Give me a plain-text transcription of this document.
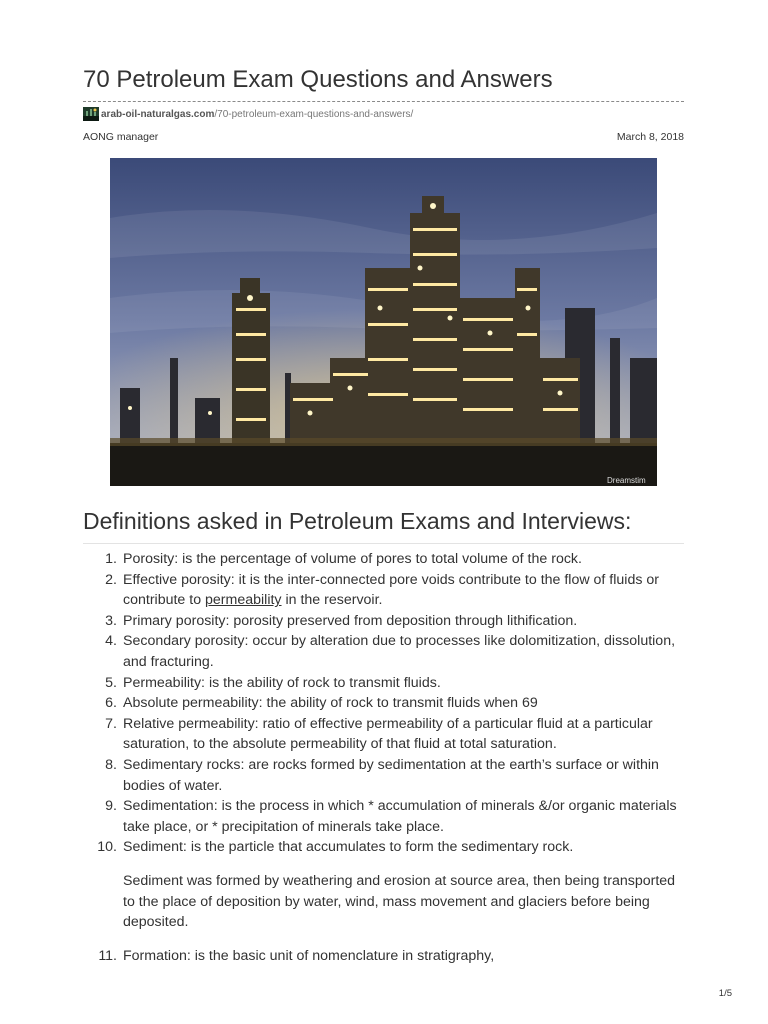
70 Petroleum Exam Questions and Answers
arab-oil-naturalgas.com /70-petroleum-exam-questions-and-answers/
AONG manager	March 8, 2018
Dreamstim
Definitions asked in Petroleum Exams and Interviews:
1. Porosity: is the percentage of volume of pores to total volume of the rock.
2. Effective porosity: it is the inter-connected pore voids contribute to the flow of fluids or contribute to permeability in the reservoir.
3. Primary porosity: porosity preserved from deposition through lithification.
4. Secondary porosity: occur by alteration due to processes like dolomitization, dissolution, and fracturing.
5. Permeability: is the ability of rock to transmit fluids.
6. Absolute permeability: the ability of rock to transmit fluids when 69
7. Relative permeability: ratio of effective permeability of a particular fluid at a particular saturation, to the absolute permeability of that fluid at total saturation.
8. Sedimentary rocks: are rocks formed by sedimentation at the earth’s surface or within bodies of water.
9. Sedimentation: is the process in which * accumulation of minerals &/or organic materials take place, or * precipitation of minerals take place.
10. Sediment: is the particle that accumulates to form the sedimentary rock.

Sediment was formed by weathering and erosion at source area, then being transported to the place of deposition by water, wind, mass movement and glaciers before being deposited.

11. Formation: is the basic unit of nomenclature in stratigraphy,
1/5
